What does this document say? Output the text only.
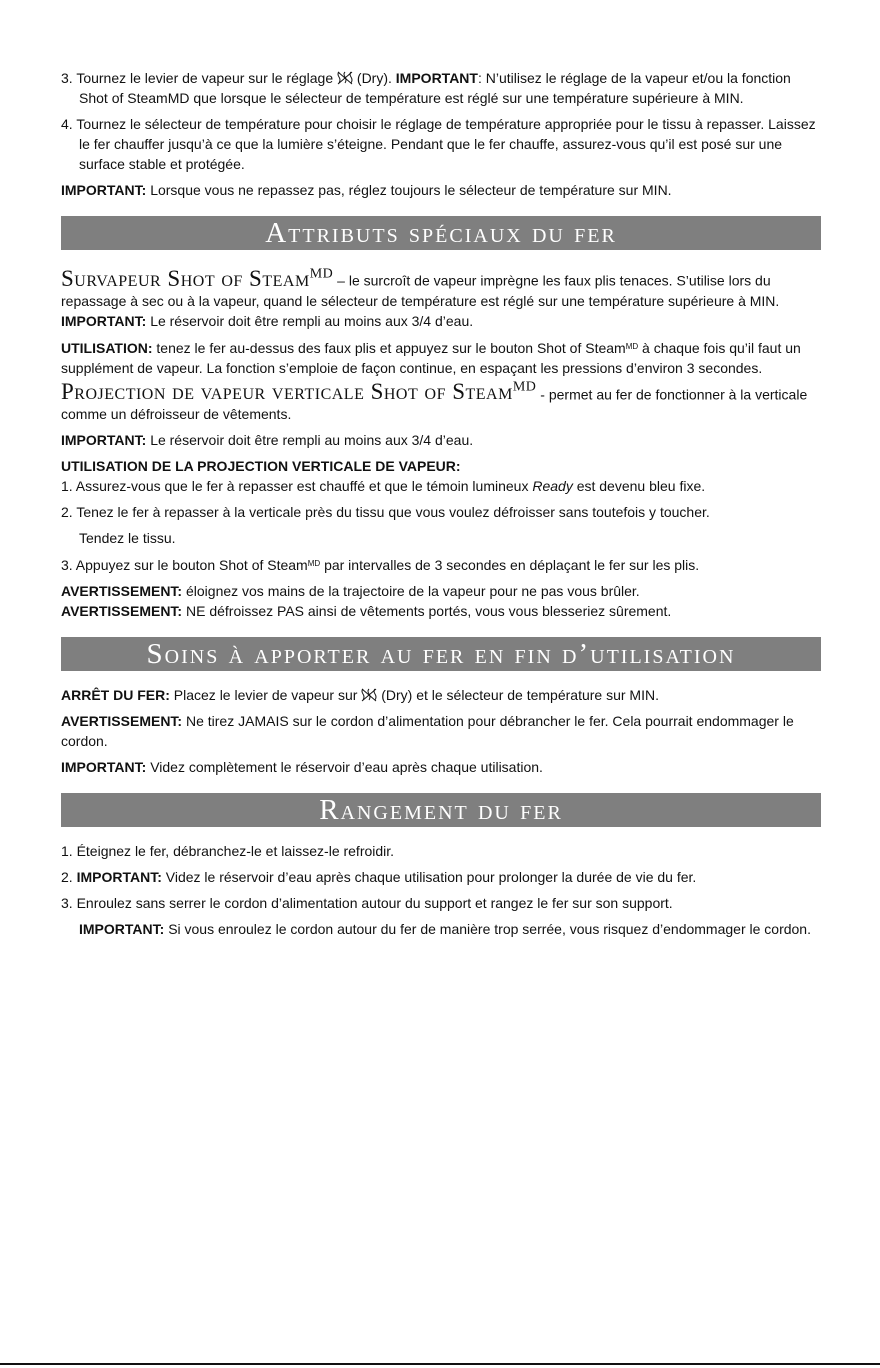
3. Tournez le levier de vapeur sur le réglage (Dry). IMPORTANT: N’utilisez le réglage de la vapeur et/ou la fonction Shot of SteamMD que lorsque le sélecteur de température est réglé sur une température supérieure à MIN.

4. Tournez le sélecteur de température pour choisir le réglage de température appropriée pour le tissu à repasser. Laissez le fer chauffer jusqu’à ce que la lumière s’éteigne. Pendant que le fer chauffe, assurez-vous qu’il est posé sur une surface stable et protégée.

IMPORTANT: Lorsque vous ne repassez pas, réglez toujours le sélecteur de température sur MIN.

Attributs spéciaux du fer

Survapeur Shot of Steam$^{MD}$ – le surcroît de vapeur imprègne les faux plis tenaces. S’utilise lors du repassage à sec ou à la vapeur, quand le sélecteur de température est réglé sur une température supérieure à MIN. IMPORTANT: Le réservoir doit être rempli au moins aux 3/4 d’eau.

UTILISATION: tenez le fer au-dessus des faux plis et appuyez sur le bouton Shot of Steam$^{MD}$ à chaque fois qu’il faut un supplément de vapeur. La fonction s’emploie de façon continue, en espaçant les pressions d’environ 3 secondes.

Projection de vapeur verticale Shot of Steam$^{MD}$ - permet au fer de fonctionner à la verticale comme un défroisseur de vêtements.

IMPORTANT: Le réservoir doit être rempli au moins aux 3/4 d’eau.

UTILISATION DE LA PROJECTION VERTICALE DE VAPEUR:

1. Assurez-vous que le fer à repasser est chauffé et que le témoin lumineux Ready est devenu bleu fixe.

2. Tenez le fer à repasser à la verticale près du tissu que vous voulez défroisser sans toutefois y toucher.

Tendez le tissu.

3. Appuyez sur le bouton Shot of Steam$^{MD}$ par intervalles de 3 secondes en déplaçant le fer sur les plis.

AVERTISSEMENT: éloignez vos mains de la trajectoire de la vapeur pour ne pas vous brûler.

AVERTISSEMENT: NE défroissez PAS ainsi de vêtements portés, vous vous blesseriez sûrement.

Soins à apporter au fer en fin d’utilisation

ARRÊT DU FER: Placez le levier de vapeur sur (Dry) et le sélecteur de température sur MIN.

AVERTISSEMENT: Ne tirez JAMAIS sur le cordon d’alimentation pour débrancher le fer. Cela pourrait endommager le cordon.

IMPORTANT: Videz complètement le réservoir d’eau après chaque utilisation.

Rangement du fer

1. Éteignez le fer, débranchez-le et laissez-le refroidir.

2. IMPORTANT: Videz le réservoir d’eau après chaque utilisation pour prolonger la durée de vie du fer.

3. Enroulez sans serrer le cordon d’alimentation autour du support et rangez le fer sur son support.

IMPORTANT: Si vous enroulez le cordon autour du fer de manière trop serrée, vous risquez d’endommager le cordon.
